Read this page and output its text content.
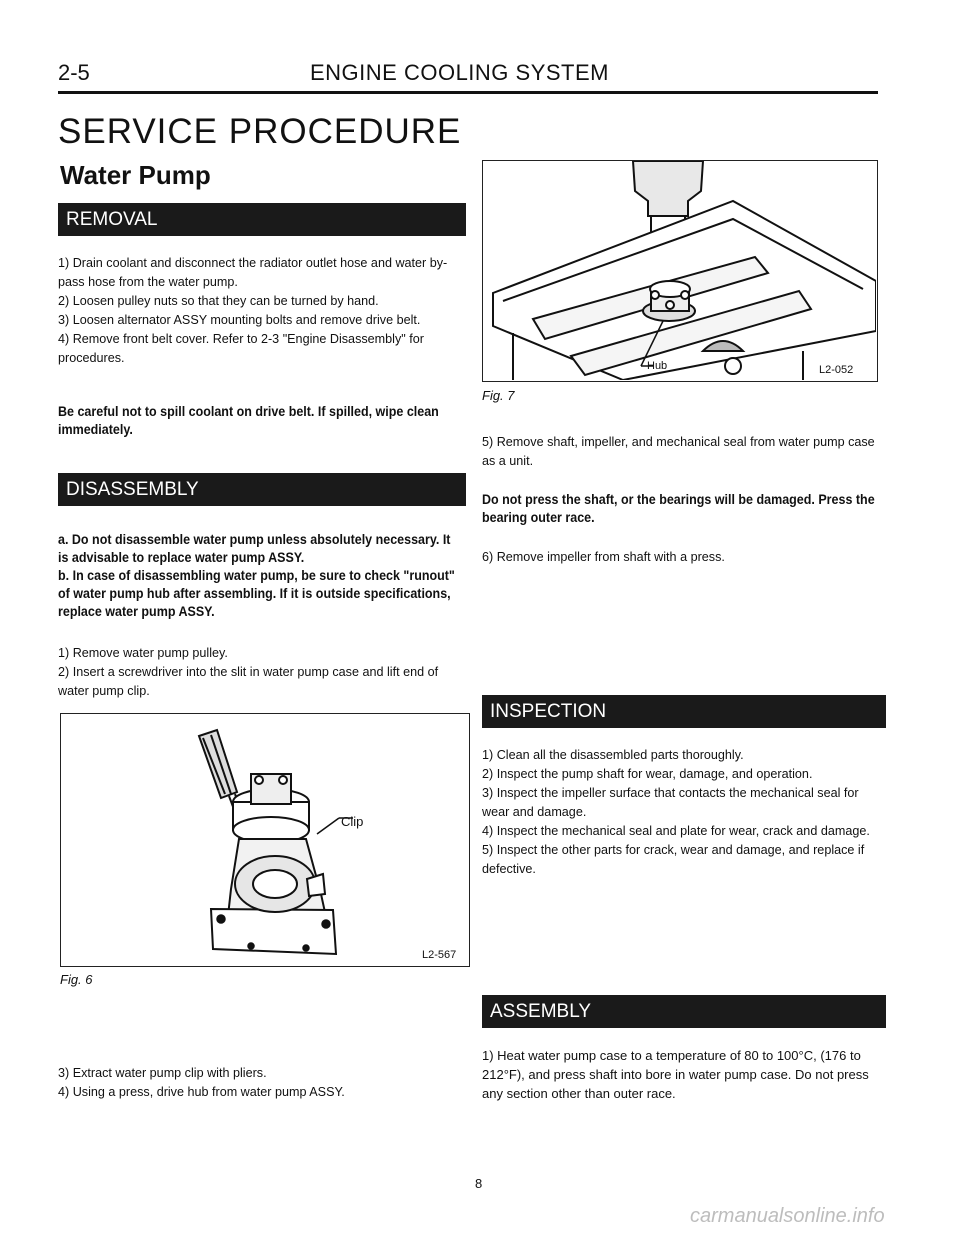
2-5	ENGINE COOLING SYSTEM
SERVICE PROCEDURE
Water Pump
REMOVAL

1) Drain coolant and disconnect the radiator outlet hose and water by-pass hose from the water pump.

2) Loosen pulley nuts so that they can be turned by hand.

3) Loosen alternator ASSY mounting bolts and remove drive belt.

4) Remove front belt cover. Refer to 2-3 "Engine Disassembly" for procedures.

Be careful not to spill coolant on drive belt. If spilled, wipe clean immediately.

DISASSEMBLY

a. Do not disassemble water pump unless absolutely necessary. It is advisable to replace water pump ASSY.

b. In case of disassembling water pump, be sure to check "runout" of water pump hub after assembling. If it is outside specifications, replace water pump ASSY.

1) Remove water pump pulley.

2) Insert a screwdriver into the slit in water pump case and lift end of water pump clip.

Clip
L2-567
Fig. 6

3) Extract water pump clip with pliers.

4) Using a press, drive hub from water pump ASSY.

Hub	L2-052
Fig. 7

5) Remove shaft, impeller, and mechanical seal from water pump case as a unit.

Do not press the shaft, or the bearings will be damaged. Press the bearing outer race.

6) Remove impeller from shaft with a press.

INSPECTION

1) Clean all the disassembled parts thoroughly.

2) Inspect the pump shaft for wear, damage, and operation.

3) Inspect the impeller surface that contacts the mechanical seal for wear and damage.

4) Inspect the mechanical seal and plate for wear, crack and damage.

5) Inspect the other parts for crack, wear and damage, and replace if defective.

ASSEMBLY

1) Heat water pump case to a temperature of 80 to 100°C, (176 to 212°F), and press shaft into bore in water pump case. Do not press any section other than outer race.

8
carmanualsonline.info
